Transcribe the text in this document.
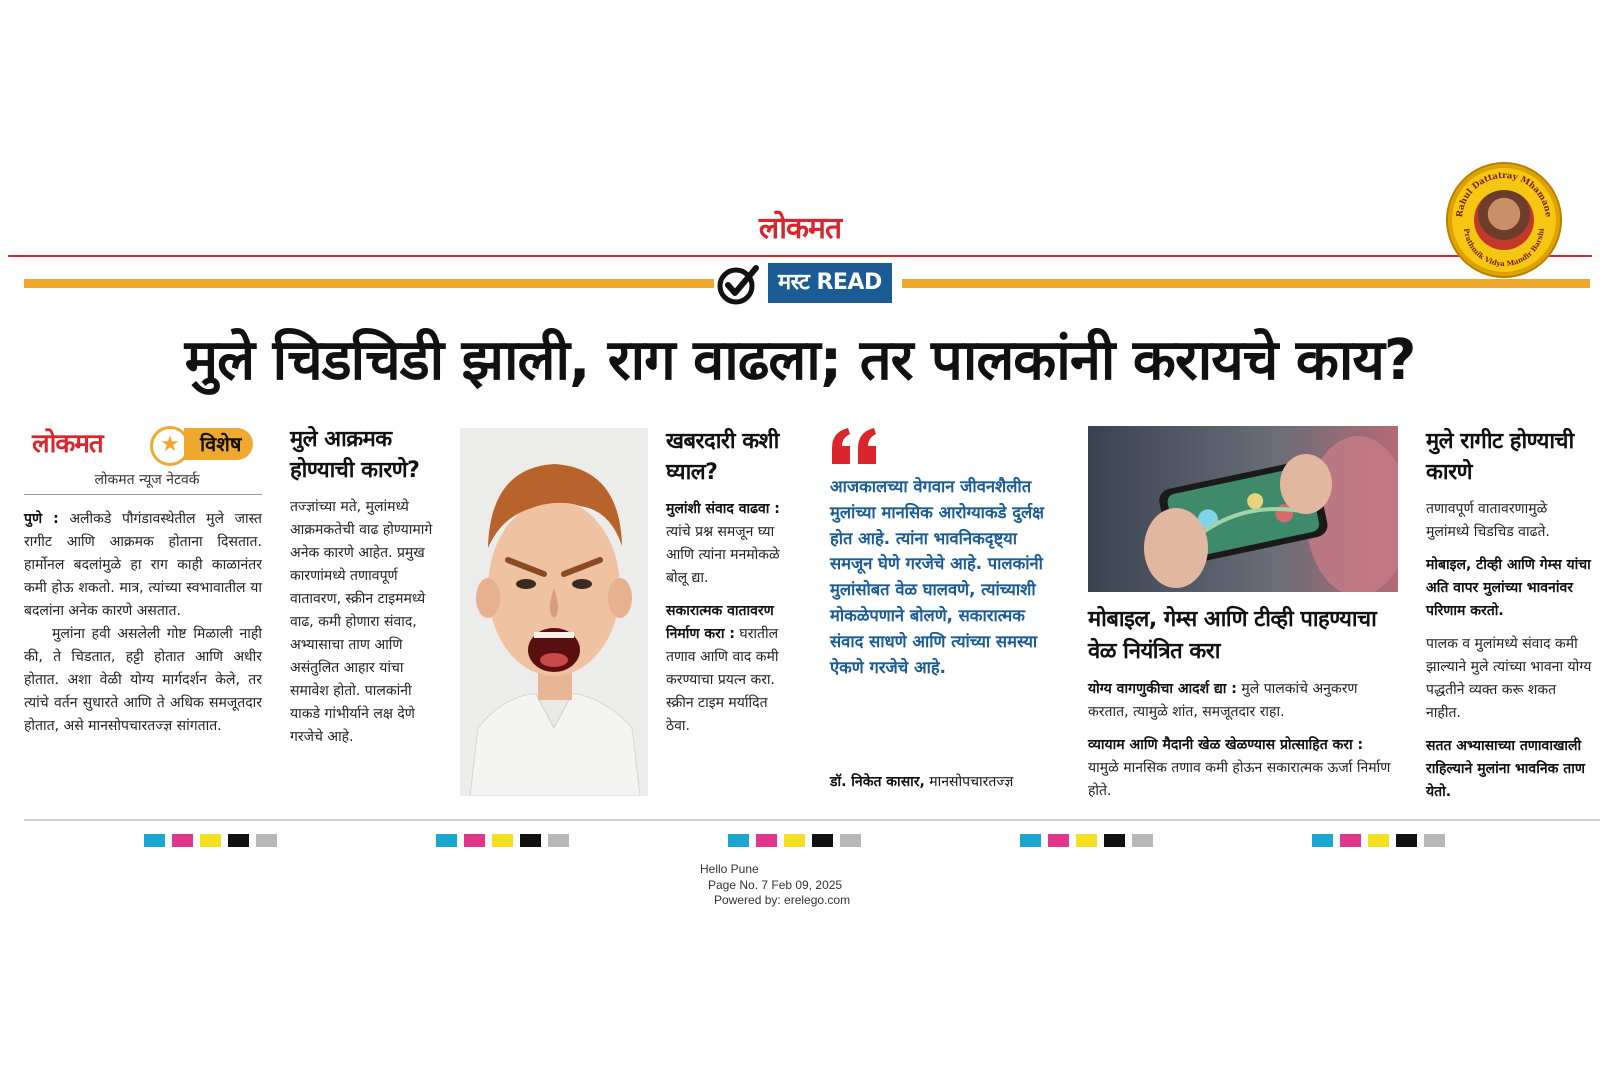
लोकमत	Rahul Dattatray Mhamane
Prathmik Vidya Mandir Barshi
मस्ट READ
मुले चिडचिडी झाली, राग वाढला; तर पालकांनी करायचे काय?
लोकमत	★	विशेष
लोकमत न्यूज नेटवर्क

पुणे : अलीकडे पौगंडावस्थेतील मुले जास्त रागीट आणि आक्रमक होताना दिसतात. हार्मोनल बदलांमुळे हा राग काही काळानंतर कमी होऊ शकतो. मात्र, त्यांच्या स्वभावातील या बदलांना अनेक कारणे असतात.

मुलांना हवी असलेली गोष्ट मिळाली नाही की, ते चिडतात, हट्टी होतात आणि अधीर होतात. अशा वेळी योग्य मार्गदर्शन केले, तर त्यांचे वर्तन सुधारते आणि ते अधिक समजूतदार होतात, असे मानसोपचारतज्ज्ञ सांगतात.

मुले आक्रमक होण्याची कारणे?

तज्ज्ञांच्या मते, मुलांमध्ये आक्रमकतेची वाढ होण्यामागे अनेक कारणे आहेत. प्रमुख कारणांमध्ये तणावपूर्ण वातावरण, स्क्रीन टाइममध्ये वाढ, कमी होणारा संवाद, अभ्यासाचा ताण आणि असंतुलित आहार यांचा समावेश होतो. पालकांनी याकडे गांभीर्याने लक्ष देणे गरजेचे आहे.

खबरदारी कशी घ्याल?

मुलांशी संवाद वाढवा : त्यांचे प्रश्न समजून घ्या आणि त्यांना मनमोकळे बोलू द्या.

सकारात्मक वातावरण निर्माण करा : घरातील तणाव आणि वाद कमी करण्याचा प्रयत्न करा. स्क्रीन टाइम मर्यादित ठेवा.

आजकालच्या वेगवान जीवनशैलीत मुलांच्या मानसिक आरोग्याकडे दुर्लक्ष होत आहे. त्यांना भावनिकदृष्ट्या समजून घेणे गरजेचे आहे. पालकांनी मुलांसोबत वेळ घालवणे, त्यांच्याशी मोकळेपणाने बोलणे, सकारात्मक संवाद साधणे आणि त्यांच्या समस्या ऐकणे गरजेचे आहे.
डॉ. निकेत कासार, मानसोपचारतज्ज्ञ
मोबाइल, गेम्स आणि टीव्ही पाहण्याचा वेळ नियंत्रित करा

योग्य वागणुकीचा आदर्श द्या : मुले पालकांचे अनुकरण करतात, त्यामुळे शांत, समजूतदार राहा.

व्यायाम आणि मैदानी खेळ खेळण्यास प्रोत्साहित करा : यामुळे मानसिक तणाव कमी होऊन सकारात्मक ऊर्जा निर्माण होते.

मुले रागीट होण्याची कारणे

तणावपूर्ण वातावरणामुळे मुलांमध्ये चिडचिड वाढते.

मोबाइल, टीव्ही आणि गेम्स यांचा अति वापर मुलांच्या भावनांवर परिणाम करतो.

पालक व मुलांमध्ये संवाद कमी झाल्याने मुले त्यांच्या भावना योग्य पद्धतीने व्यक्त करू शकत नाहीत.

सतत अभ्यासाच्या तणावाखाली राहिल्याने मुलांना भावनिक ताण येतो.

Hello Pune
Page No. 7 Feb 09, 2025
Powered by: erelego.com
